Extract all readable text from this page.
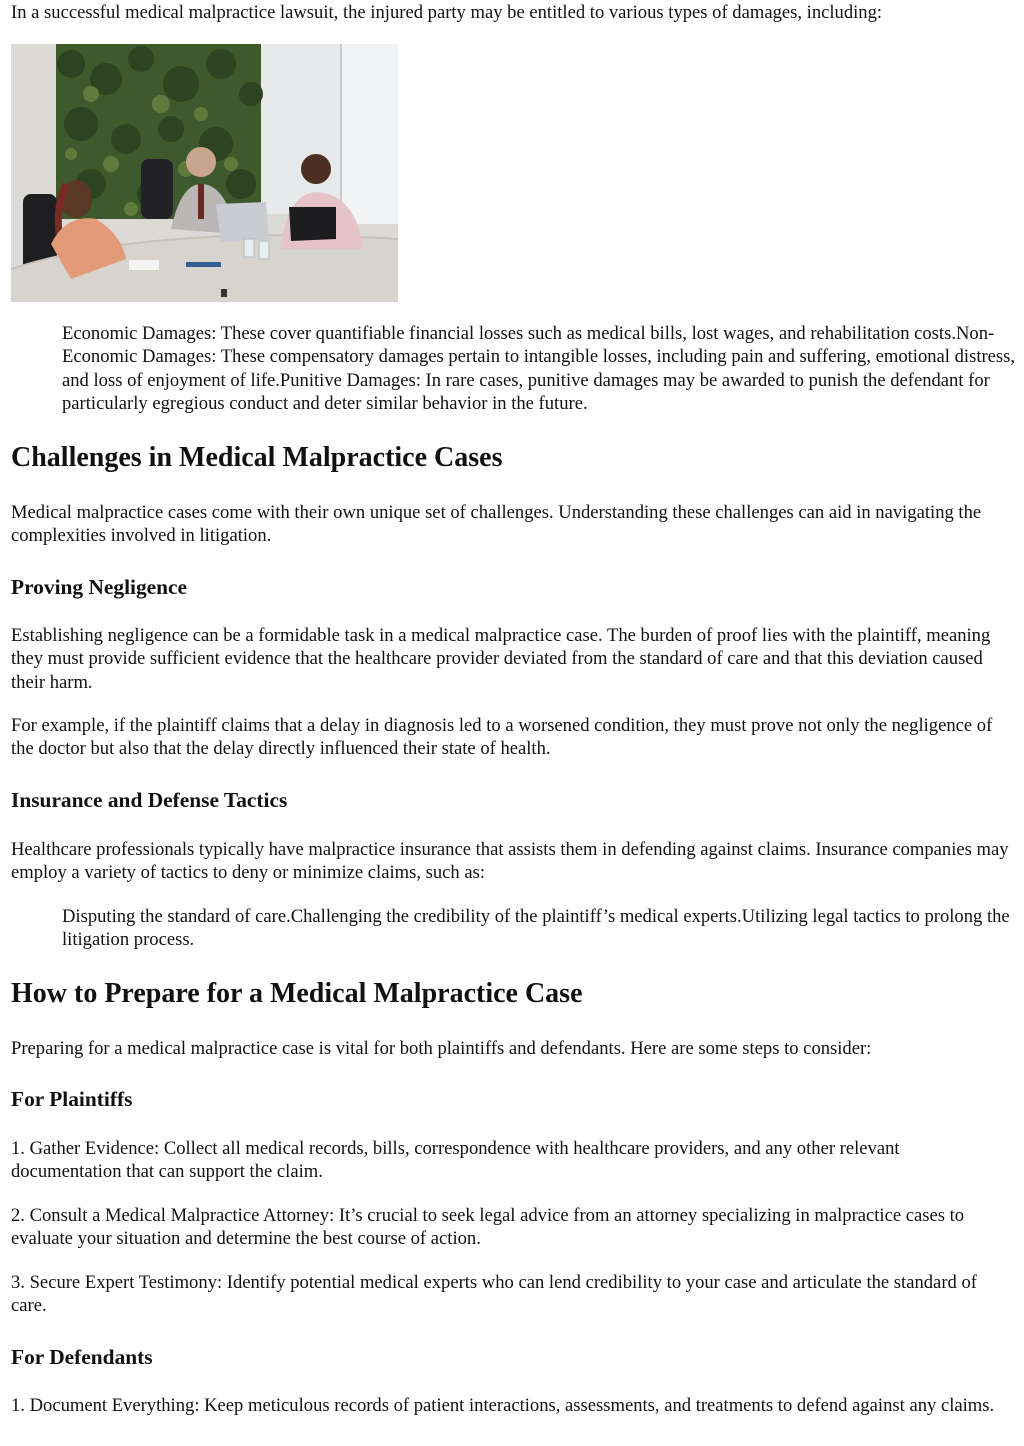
In a successful medical malpractice lawsuit, the injured party may be entitled to various types of damages, including:

Economic Damages: These cover quantifiable financial losses such as medical bills, lost wages, and rehabilitation costs.Non-Economic Damages: These compensatory damages pertain to intangible losses, including pain and suffering, emotional distress, and loss of enjoyment of life.Punitive Damages: In rare cases, punitive damages may be awarded to punish the defendant for particularly egregious conduct and deter similar behavior in the future.

Challenges in Medical Malpractice Cases

Medical malpractice cases come with their own unique set of challenges. Understanding these challenges can aid in navigating the complexities involved in litigation.

Proving Negligence

Establishing negligence can be a formidable task in a medical malpractice case. The burden of proof lies with the plaintiff, meaning they must provide sufficient evidence that the healthcare provider deviated from the standard of care and that this deviation caused their harm.

For example, if the plaintiff claims that a delay in diagnosis led to a worsened condition, they must prove not only the negligence of the doctor but also that the delay directly influenced their state of health.

Insurance and Defense Tactics

Healthcare professionals typically have malpractice insurance that assists them in defending against claims. Insurance companies may employ a variety of tactics to deny or minimize claims, such as:

Disputing the standard of care.Challenging the credibility of the plaintiff’s medical experts.Utilizing legal tactics to prolong the litigation process.

How to Prepare for a Medical Malpractice Case

Preparing for a medical malpractice case is vital for both plaintiffs and defendants. Here are some steps to consider:

For Plaintiffs

1. Gather Evidence: Collect all medical records, bills, correspondence with healthcare providers, and any other relevant documentation that can support the claim.

2. Consult a Medical Malpractice Attorney: It’s crucial to seek legal advice from an attorney specializing in malpractice cases to evaluate your situation and determine the best course of action.

3. Secure Expert Testimony: Identify potential medical experts who can lend credibility to your case and articulate the standard of care.

For Defendants

1. Document Everything: Keep meticulous records of patient interactions, assessments, and treatments to defend against any claims.
